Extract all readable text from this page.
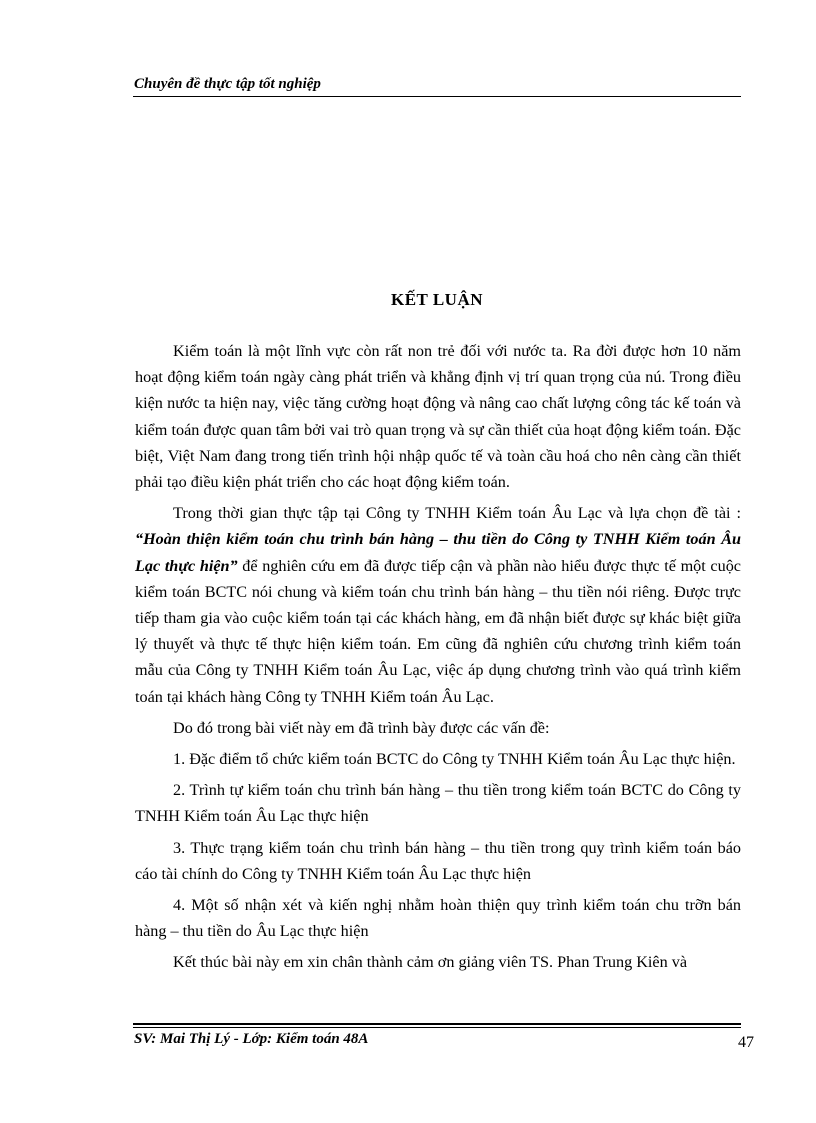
Chuyên đề thực tập tốt nghiệp
KẾT LUẬN

Kiểm toán là một lĩnh vực còn rất non trẻ đối với nước ta. Ra đời được hơn 10 năm hoạt động kiểm toán ngày càng phát triển và khẳng định vị trí quan trọng của nú. Trong điều kiện nước ta hiện nay, việc tăng cường hoạt động và nâng cao chất lượng công tác kế toán và kiểm toán được quan tâm bởi vai trò quan trọng và sự cần thiết của hoạt động kiểm toán. Đặc biệt, Việt Nam đang trong tiến trình hội nhập quốc tế và toàn cầu hoá cho nên càng cần thiết phải tạo điều kiện phát triển cho các hoạt động kiểm toán.

Trong thời gian thực tập tại Công ty TNHH Kiểm toán Âu Lạc và lựa chọn đề tài : “Hoàn thiện kiểm toán chu trình bán hàng – thu tiền do Công ty TNHH Kiểm toán Âu Lạc thực hiện” để nghiên cứu em đã được tiếp cận và phần nào hiểu được thực tế một cuộc kiểm toán BCTC nói chung và kiểm toán chu trình bán hàng – thu tiền nói riêng. Được trực tiếp tham gia vào cuộc kiểm toán tại các khách hàng, em đã nhận biết được sự khác biệt giữa lý thuyết và thực tế thực hiện kiểm toán. Em cũng đã nghiên cứu chương trình kiểm toán mẫu của Công ty TNHH Kiểm toán Âu Lạc, việc áp dụng chương trình vào quá trình kiểm toán tại khách hàng Công ty TNHH Kiểm toán Âu Lạc.

Do đó trong bài viết này em đã trình bày được các vấn đề:

1. Đặc điểm tổ chức kiểm toán BCTC do Công ty TNHH Kiểm toán Âu Lạc thực hiện.

2. Trình tự kiểm toán chu trình bán hàng – thu tiền trong kiểm toán BCTC do Công ty TNHH Kiểm toán Âu Lạc thực hiện

3. Thực trạng kiểm toán chu trình bán hàng – thu tiền trong quy trình kiểm toán báo cáo tài chính do Công ty TNHH Kiểm toán Âu Lạc thực hiện

4. Một số nhận xét và kiến nghị nhằm hoàn thiện quy trình kiểm toán chu trỡn bán hàng – thu tiền do Âu Lạc thực hiện

Kết thúc bài này em xin chân thành cảm ơn giảng viên TS. Phan Trung Kiên và

SV: Mai Thị Lý - Lớp: Kiểm toán 48A	47
